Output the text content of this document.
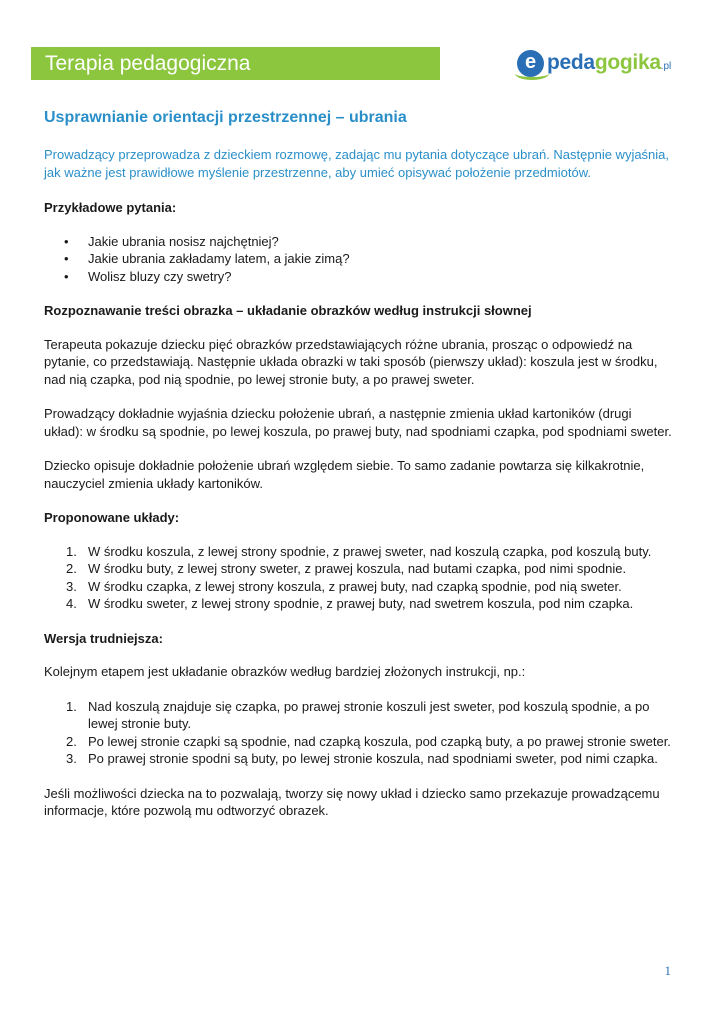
Terapia pedagogiczna	e pedagogika.pl
Usprawnianie orientacji przestrzennej – ubrania

Prowadzący przeprowadza z dzieckiem rozmowę, zadając mu pytania dotyczące ubrań. Następnie wyjaśnia, jak ważne jest prawidłowe myślenie przestrzenne, aby umieć opisywać położenie przedmiotów.

Przykładowe pytania:

• Jakie ubrania nosisz najchętniej?
• Jakie ubrania zakładamy latem, a jakie zimą?
• Wolisz bluzy czy swetry?

Rozpoznawanie treści obrazka – układanie obrazków według instrukcji słownej

Terapeuta pokazuje dziecku pięć obrazków przedstawiających różne ubrania, prosząc o odpowiedź na pytanie, co przedstawiają. Następnie układa obrazki w taki sposób (pierwszy układ): koszula jest w środku, nad nią czapka, pod nią spodnie, po lewej stronie buty, a po prawej sweter.

Prowadzący dokładnie wyjaśnia dziecku położenie ubrań, a następnie zmienia układ kartoników (drugi układ): w środku są spodnie, po lewej koszula, po prawej buty, nad spodniami czapka, pod spodniami sweter.

Dziecko opisuje dokładnie położenie ubrań względem siebie. To samo zadanie powtarza się kilkakrotnie, nauczyciel zmienia układy kartoników.

Proponowane układy:

1. W środku koszula, z lewej strony spodnie, z prawej sweter, nad koszulą czapka, pod koszulą buty.
2. W środku buty, z lewej strony sweter, z prawej koszula, nad butami czapka, pod nimi spodnie.
3. W środku czapka, z lewej strony koszula, z prawej buty, nad czapką spodnie, pod nią sweter.
4. W środku sweter, z lewej strony spodnie, z prawej buty, nad swetrem koszula, pod nim czapka.

Wersja trudniejsza:

Kolejnym etapem jest układanie obrazków według bardziej złożonych instrukcji, np.:

1. Nad koszulą znajduje się czapka, po prawej stronie koszuli jest sweter, pod koszulą spodnie, a po lewej stronie buty.
2. Po lewej stronie czapki są spodnie, nad czapką koszula, pod czapką buty, a po prawej stronie sweter.
3. Po prawej stronie spodni są buty, po lewej stronie koszula, nad spodniami sweter, pod nimi czapka.

Jeśli możliwości dziecka na to pozwalają, tworzy się nowy układ i dziecko samo przekazuje prowadzącemu informacje, które pozwolą mu odtworzyć obrazek.

1
